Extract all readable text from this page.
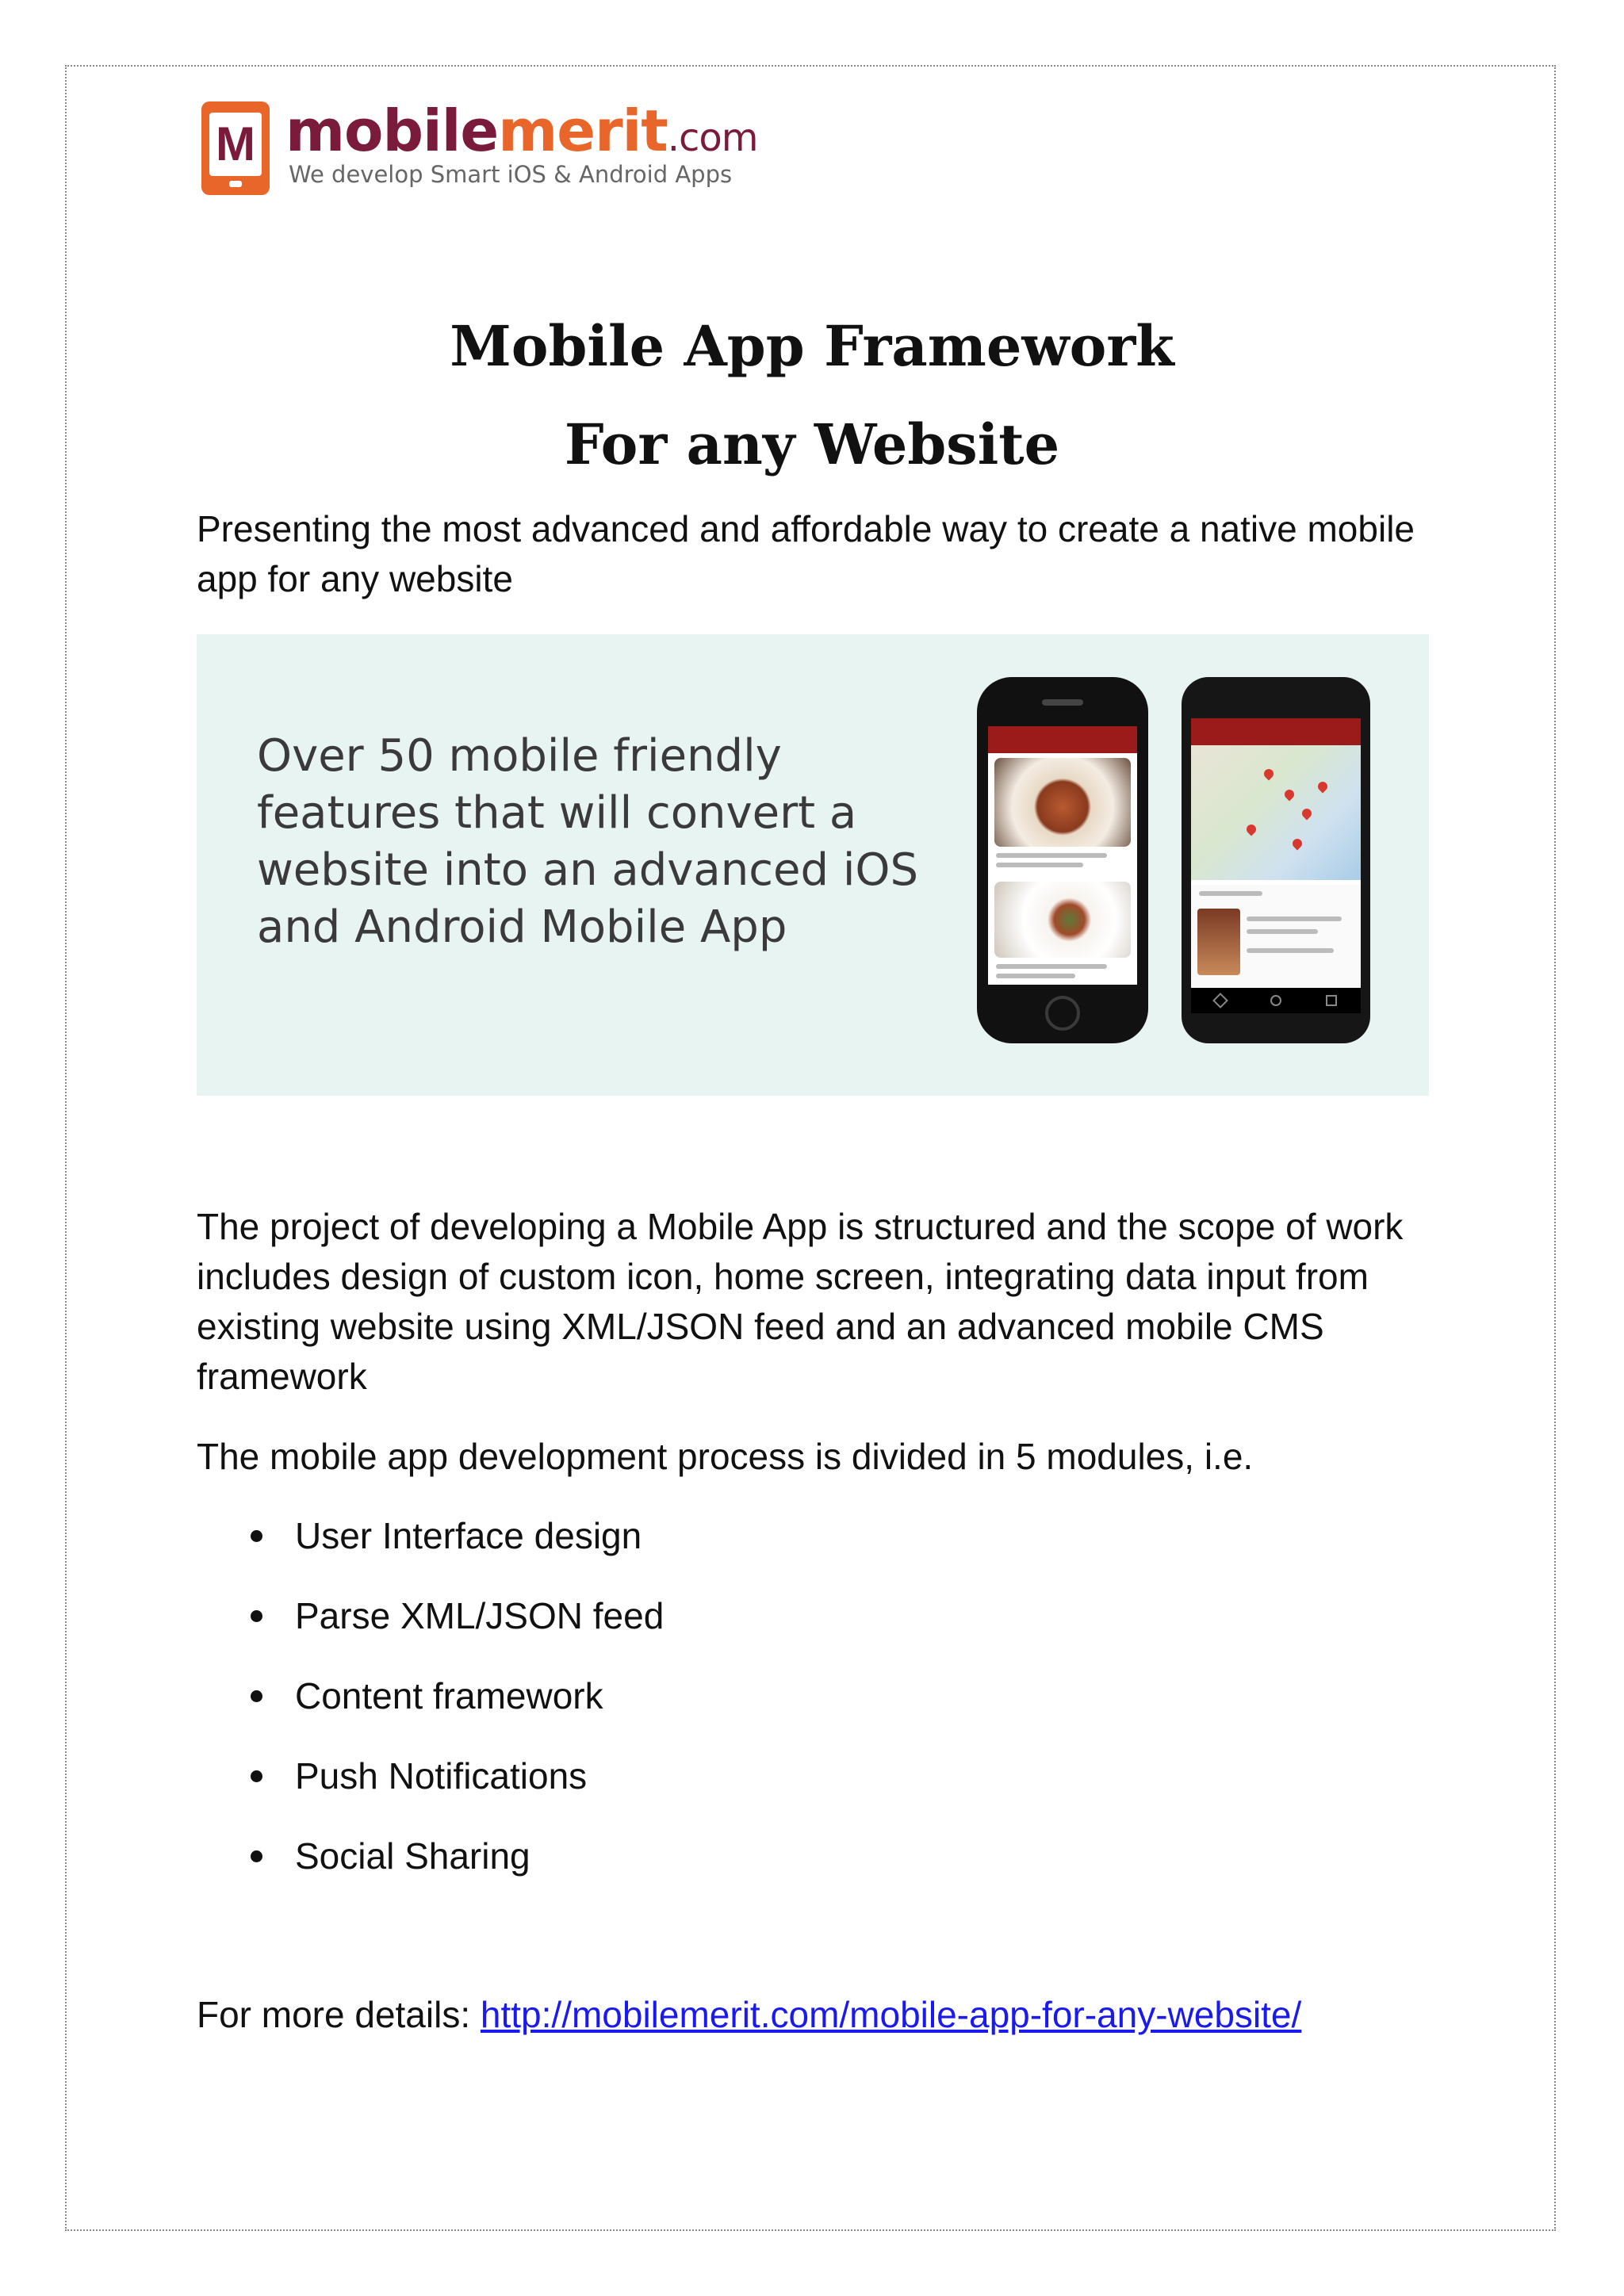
M mobilemerit.com
We develop Smart iOS & Android Apps
Mobile App Framework
For any Website

Presenting the most advanced and affordable way to create a native mobile app for any website

Over 50 mobile friendly features that will convert a website into an advanced iOS and Android Mobile App

The project of developing a Mobile App is structured and the scope of work includes design of custom icon, home screen, integrating data input from existing website using XML/JSON feed and an advanced mobile CMS framework

The mobile app development process is divided in 5 modules, i.e.

User Interface design
Parse XML/JSON feed
Content framework
Push Notifications
Social Sharing
For more details: http://mobilemerit.com/mobile-app-for-any-website/
